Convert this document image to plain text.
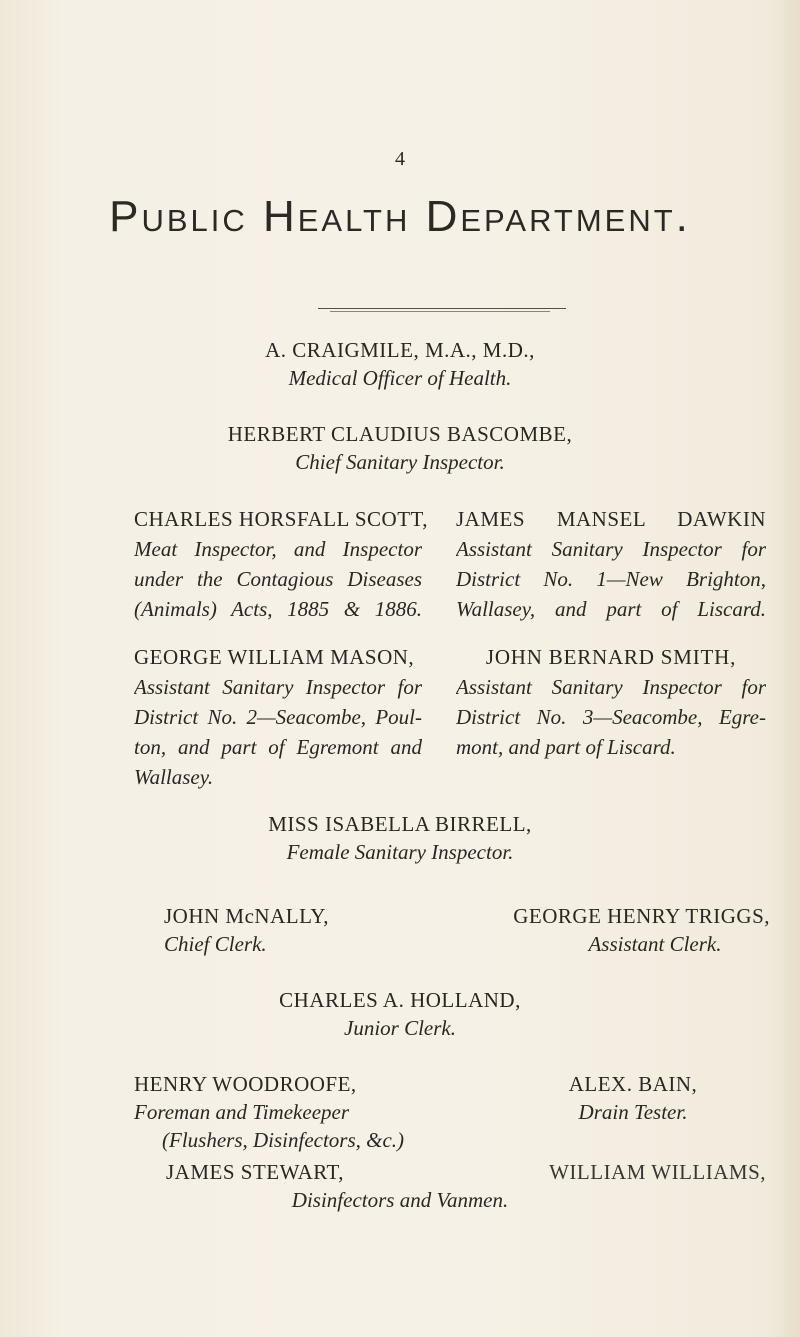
4
Public Health Department.
A. CRAIGMILE, M.A., M.D.,
Medical Officer of Health.
HERBERT CLAUDIUS BASCOMBE,
Chief Sanitary Inspector.
CHARLES HORSFALL SCOTT,
Meat Inspector, and Inspector
under the Contagious Diseases
(Animals) Acts, 1885 & 1886.
JAMES MANSEL DAWKIN
Assistant Sanitary Inspector for
District No. 1—New Brighton,
Wallasey, and part of Liscard.
GEORGE WILLIAM MASON,
Assistant Sanitary Inspector for
District No. 2—Seacombe, Poul-
ton, and part of Egremont and
Wallasey.
JOHN BERNARD SMITH,
Assistant Sanitary Inspector for
District No. 3—Seacombe, Egre-
mont, and part of Liscard.
MISS ISABELLA BIRRELL,
Female Sanitary Inspector.
JOHN McNALLY,
Chief Clerk.
GEORGE HENRY TRIGGS,
Assistant Clerk.
CHARLES A. HOLLAND,
Junior Clerk.
HENRY WOODROOFE,
Foreman and Timekeeper
(Flushers, Disinfectors, &c.)
ALEX. BAIN,
Drain Tester.
JAMES STEWART,	WILLIAM WILLIAMS,
Disinfectors and Vanmen.
